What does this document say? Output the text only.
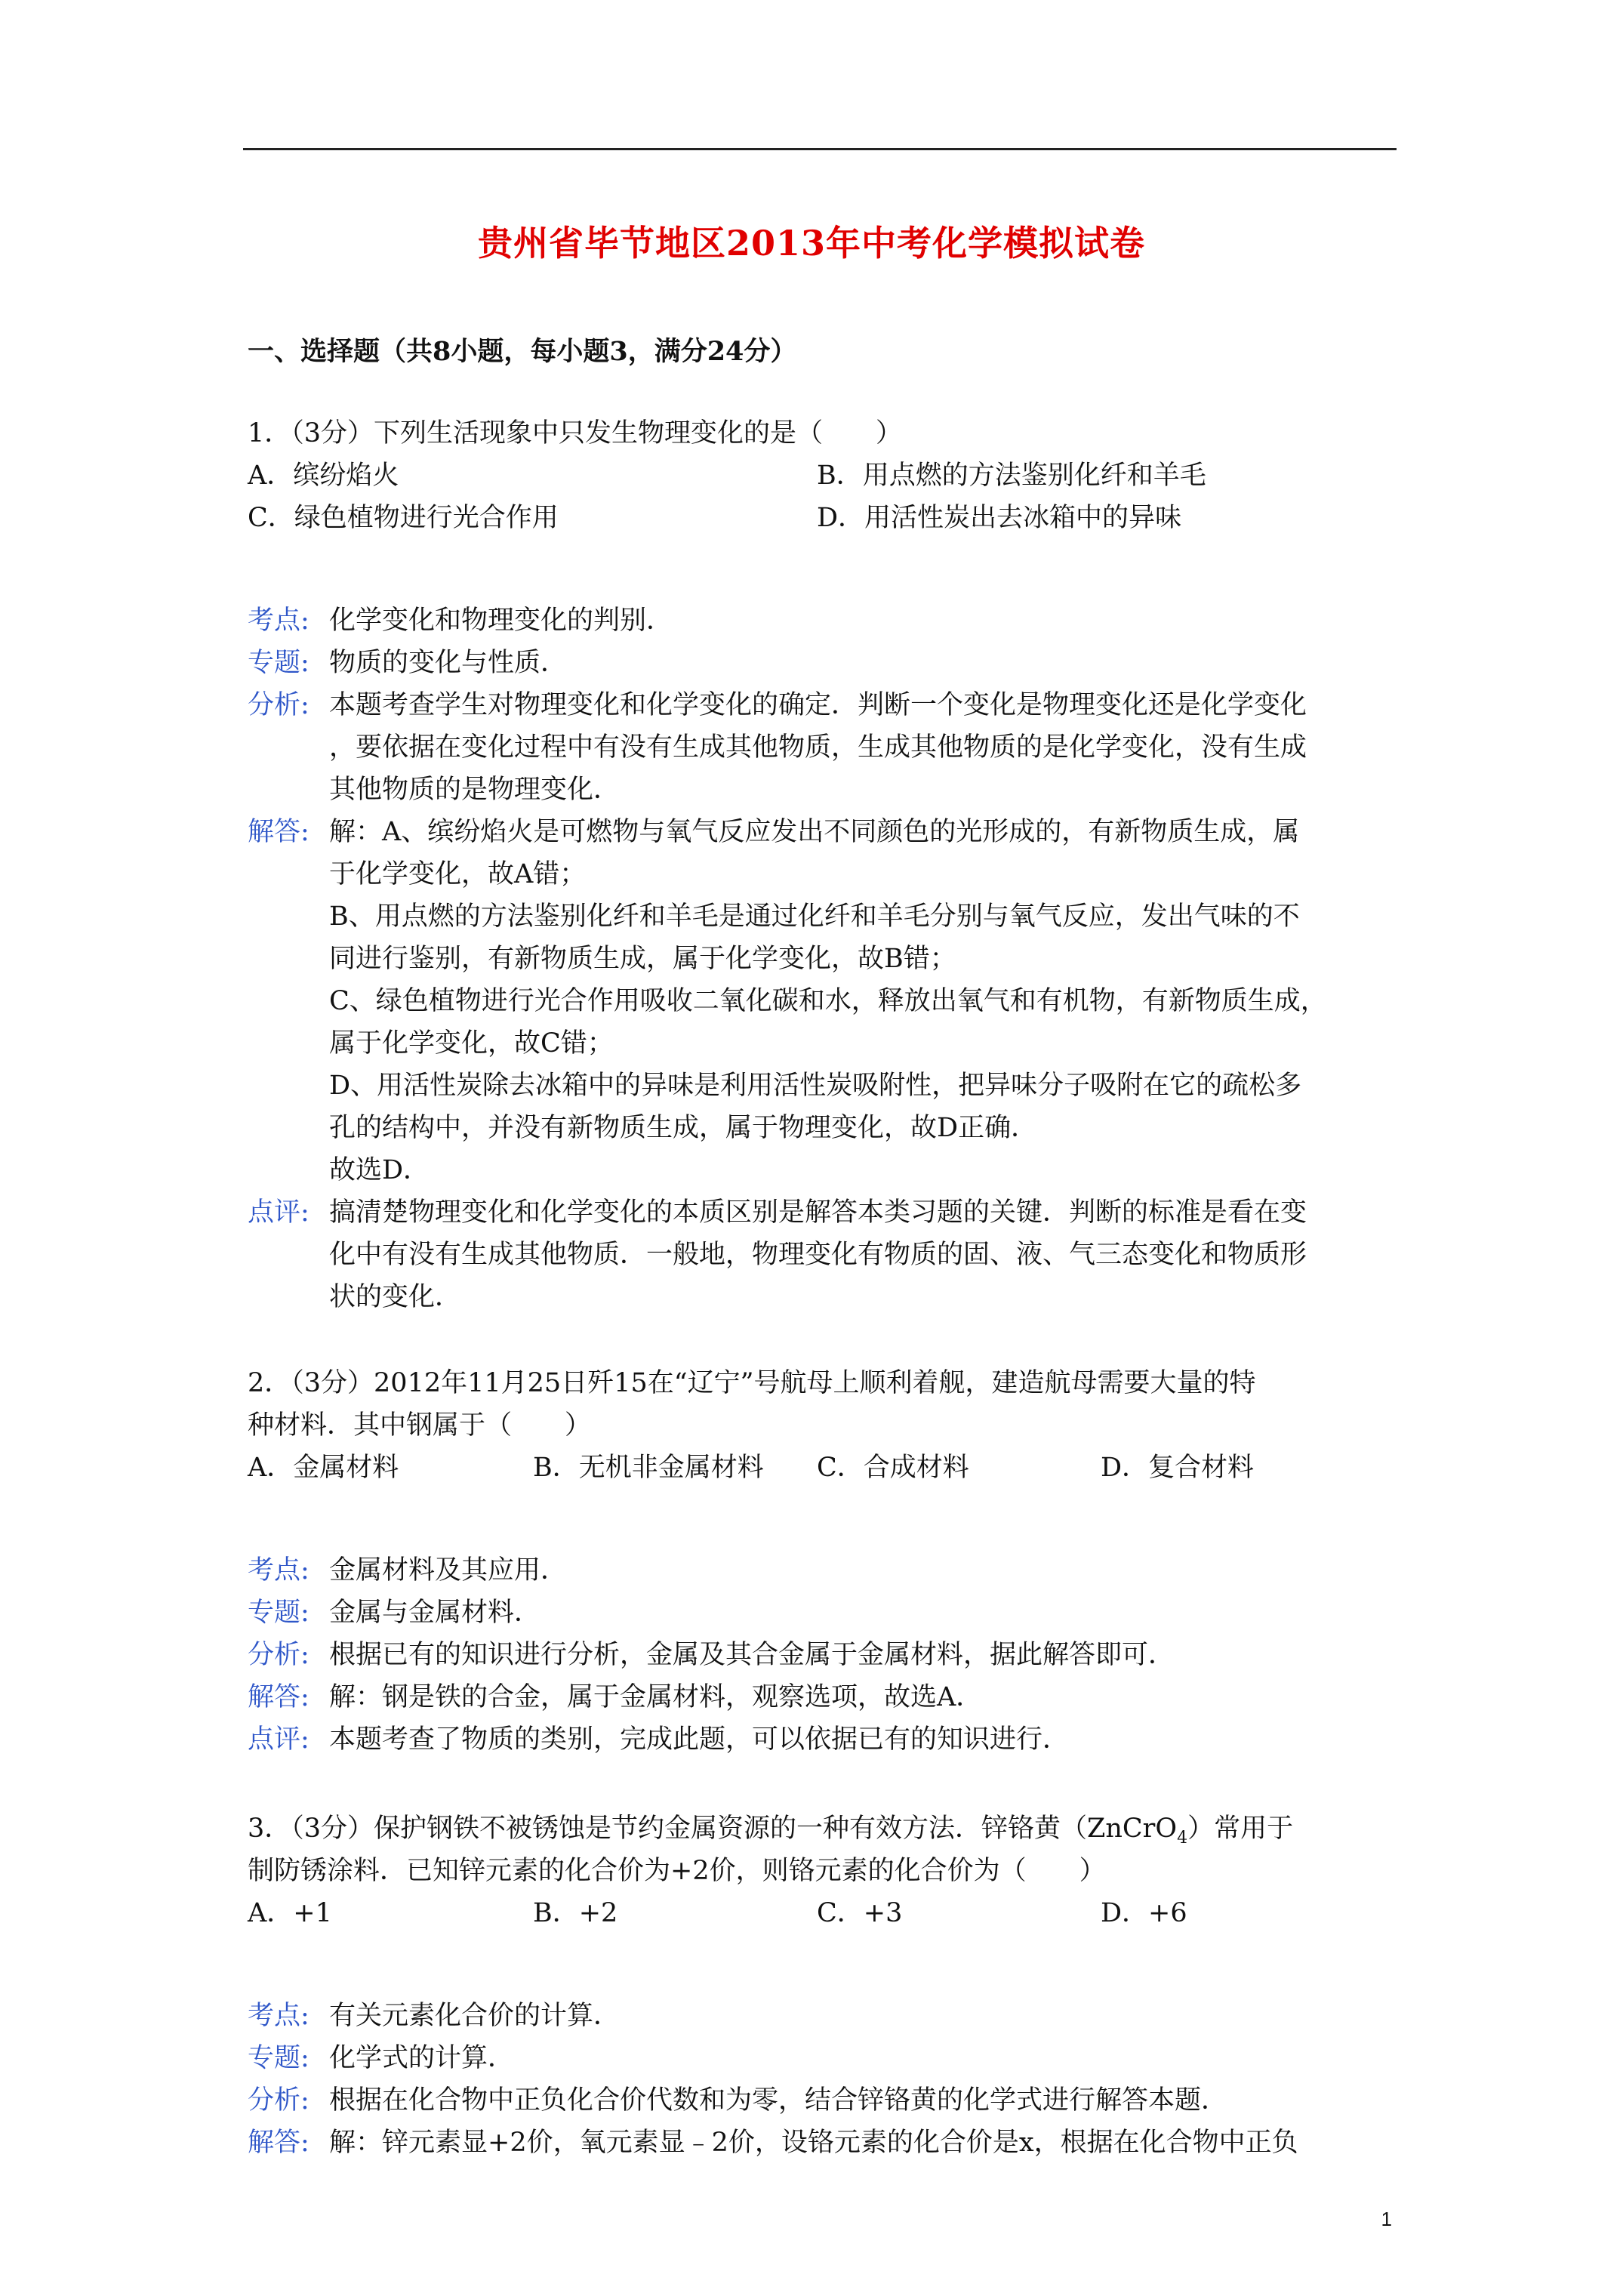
贵州省毕节地区2013年中考化学模拟试卷
一、选择题（共8小题，每小题3，满分24分）
1．（3分）下列生活现象中只发生物理变化的是（　　）
A．缤纷焰火	B．用点燃的方法鉴别化纤和羊毛
C．绿色植物进行光合作用	D．用活性炭出去冰箱中的异味
考点: 化学变化和物理变化的判别．
专题: 物质的变化与性质．
分析: 本题考查学生对物理变化和化学变化的确定．判断一个变化是物理变化还是化学变化
，要依据在变化过程中有没有生成其他物质，生成其他物质的是化学变化，没有生成
其他物质的是物理变化．
解答: 解：A、缤纷焰火是可燃物与氧气反应发出不同颜色的光形成的，有新物质生成，属
于化学变化，故A错；
B、用点燃的方法鉴别化纤和羊毛是通过化纤和羊毛分别与氧气反应，发出气味的不
同进行鉴别，有新物质生成，属于化学变化，故B错；
C、绿色植物进行光合作用吸收二氧化碳和水，释放出氧气和有机物，有新物质生成，
属于化学变化，故C错；
D、用活性炭除去冰箱中的异味是利用活性炭吸附性，把异味分子吸附在它的疏松多
孔的结构中，并没有新物质生成，属于物理变化，故D正确．
故选D．
点评: 搞清楚物理变化和化学变化的本质区别是解答本类习题的关键．判断的标准是看在变
化中有没有生成其他物质．一般地，物理变化有物质的固、液、气三态变化和物质形
状的变化．
2．（3分）2012年11月25日歼15在“辽宁”号航母上顺利着舰，建造航母需要大量的特
种材料．其中钢属于（　　）
A．金属材料	B．无机非金属材料 C．合成材料	D．复合材料
考点: 金属材料及其应用．
专题: 金属与金属材料．
分析: 根据已有的知识进行分析，金属及其合金属于金属材料，据此解答即可．
解答: 解：钢是铁的合金，属于金属材料，观察选项，故选A．
点评: 本题考查了物质的类别，完成此题，可以依据已有的知识进行．
3．（3分）保护钢铁不被锈蚀是节约金属资源的一种有效方法．锌铬黄（ZnCrO$_4$）常用于
制防锈涂料．已知锌元素的化合价为+2价，则铬元素的化合价为（　　）
A．+1	B．+2	C．+3	D．+6
考点: 有关元素化合价的计算．
专题: 化学式的计算．
分析: 根据在化合物中正负化合价代数和为零，结合锌铬黄的化学式进行解答本题．
解答: 解：锌元素显+2价，氧元素显﹣2价，设铬元素的化合价是x，根据在化合物中正负
1
